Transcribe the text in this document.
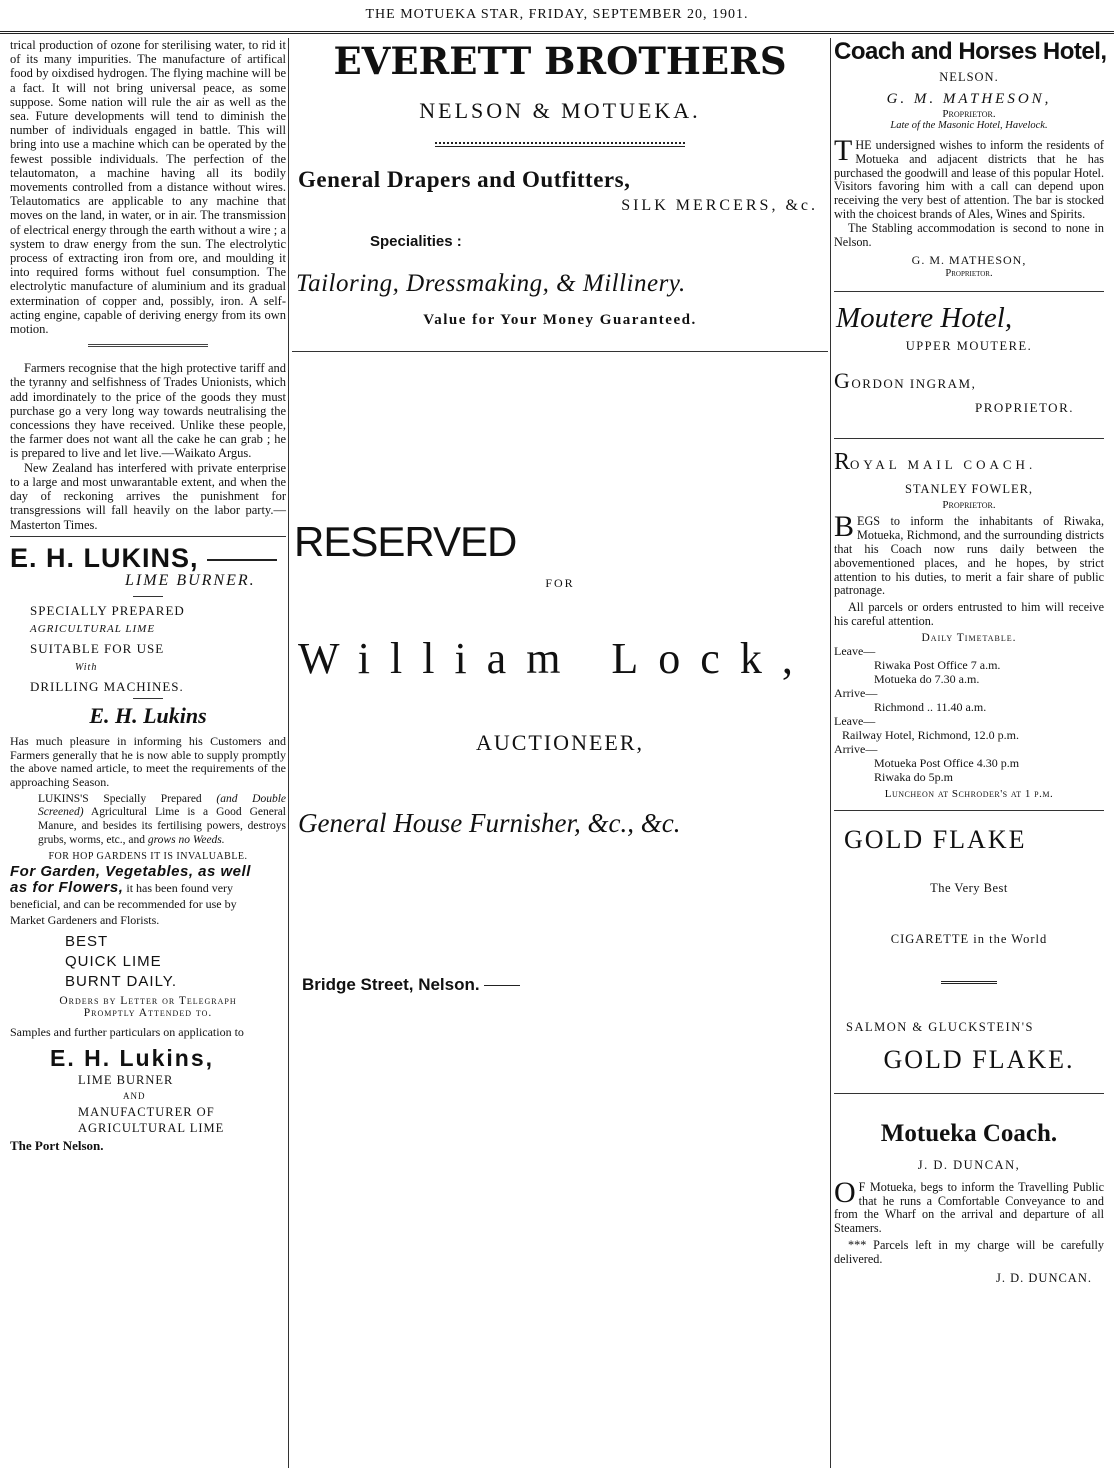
THE MOTUEKA STAR, FRIDAY, SEPTEMBER 20, 1901.

trical production of ozone for sterilising water, to rid it of its many impurities. The manufacture of artifical food by oixdised hydrogen. The flying machine will be a fact. It will not bring universal peace, as some suppose. Some nation will rule the air as well as the sea. Future developments will tend to diminish the number of individuals engaged in battle. This will bring into use a machine which can be operated by the fewest possible individuals. The perfection of the telautomaton, a machine having all its bodily movements controlled from a distance without wires. Telautomatics are applicable to any machine that moves on the land, in water, or in air. The transmission of electrical energy through the earth without a wire ; a system to draw energy from the sun. The electrolytic process of extracting iron from ore, and moulding it into required forms without fuel consumption. The electrolytic manufacture of aluminium and its gradual extermination of copper and, possibly, iron. A self-acting engine, capable of deriving energy from its own motion.

Farmers recognise that the high protective tariff and the tyranny and selfishness of Trades Unionists, which add imordinately to the price of the goods they must purchase go a very long way towards neutralising the concessions they have received. Unlike these people, the farmer does not want all the cake he can grab ; he is prepared to live and let live.—Waikato Argus.

New Zealand has interfered with private enterprise to a large and most unwarantable extent, and when the day of reckoning arrives the punishment for transgressions will fall heavily on the labor party.—Masterton Times.

E. H. LUKINS,
LIME BURNER.
SPECIALLY PREPARED
AGRICULTURAL LIME
SUITABLE FOR USE
With
DRILLING MACHINES.
E. H. Lukins

Has much pleasure in informing his Customers and Farmers generally that he is now able to supply promptly the above named article, to meet the requirements of the approaching Season.

LUKINS'S Specially Prepared (and Double Screened) Agricultural Lime is a Good General Manure, and besides its fertilising powers, destroys grubs, worms, etc., and grows no Weeds.

FOR HOP GARDENS IT IS INVALUABLE.

For Garden, Vegetables, as well as for Flowers, it has been found very beneficial, and can be recommended for use by Market Gardeners and Florists.

BEST
QUICK LIME
BURNT DAILY.
Orders by Letter or Telegraph
Promptly Attended to.

Samples and further particulars on application to

E. H. Lukins,
LIME BURNER
AND
MANUFACTURER OF
AGRICULTURAL LIME
The Port Nelson.
EVERETT BROTHERS
NELSON & MOTUEKA.
General Drapers and Outfitters,
SILK MERCERS, &c.
Specialities :
Tailoring, Dressmaking, & Millinery.
Value for Your Money Guaranteed.
RESERVED
FOR
William Lock,
AUCTIONEER,
General House Furnisher, &c., &c.
Bridge Street, Nelson.
Coach and Horses Hotel,
NELSON.
G. M. MATHESON,
Proprietor.
Late of the Masonic Hotel, Havelock.

THE undersigned wishes to inform the residents of Motueka and adjacent districts that he has purchased the goodwill and lease of this popular Hotel. Visitors favoring him with a call can depend upon receiving the very best of attention. The bar is stocked with the choicest brands of Ales, Wines and Spirits.

The Stabling accommodation is second to none in Nelson.

G. M. MATHESON,
Proprietor.
Moutere Hotel,
UPPER MOUTERE.
GORDON INGRAM,
PROPRIETOR.
ROYAL MAIL COACH.
STANLEY FOWLER,
Proprietor.

BEGS to inform the inhabitants of Riwaka, Motueka, Richmond, and the surrounding districts that his Coach now runs daily between the abovementioned places, and he hopes, by strict attention to his duties, to merit a fair share of public patronage.

All parcels or orders entrusted to him will receive his careful attention.

Daily Timetable.
Leave—
Riwaka Post Office 7 a.m.
Motueka do 7.30 a.m.
Arrive—
Richmond .. 11.40 a.m.
Leave—
Railway Hotel, Richmond, 12.0 p.m.
Arrive—
Motueka Post Office 4.30 p.m
Riwaka do 5p.m
Luncheon at Schroder's at 1 p.m.
GOLD FLAKE
The Very Best
CIGARETTE in the World
SALMON & GLUCKSTEIN'S
GOLD FLAKE.
Motueka Coach.
J. D. DUNCAN,

O F Motueka, begs to inform the Travelling Public that he runs a Comfortable Conveyance to and from the Wharf on the arrival and departure of all Steamers.

*** Parcels left in my charge will be carefully delivered.

J. D. DUNCAN.
